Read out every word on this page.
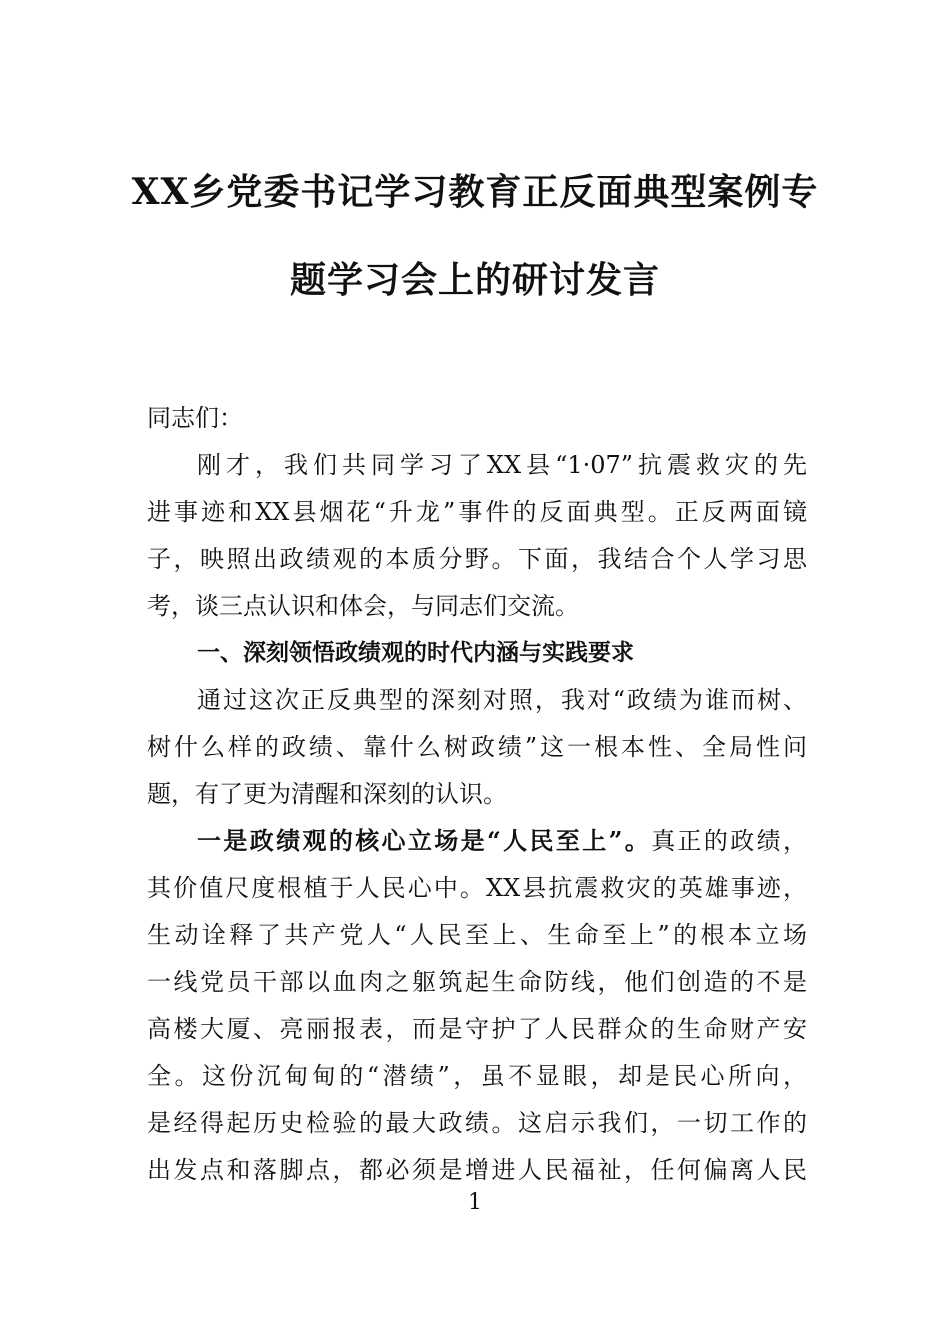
XX乡党委书记学习教育正反面典型案例专
题学习会上的研讨发言
同志们：
刚才，我们共同学习了XX县“1·07”抗震救灾的先
进事迹和XX县烟花“升龙”事件的反面典型。正反两面镜
子，映照出政绩观的本质分野。下面，我结合个人学习思
考，谈三点认识和体会，与同志们交流。
一、深刻领悟政绩观的时代内涵与实践要求
通过这次正反典型的深刻对照，我对“政绩为谁而树、
树什么样的政绩、靠什么树政绩”这一根本性、全局性问
题，有了更为清醒和深刻的认识。
一是政绩观的核心立场是“人民至上”。真正的政绩，
其价值尺度根植于人民心中。XX县抗震救灾的英雄事迹，
生动诠释了共产党人“人民至上、生命至上”的根本立场
一线党员干部以血肉之躯筑起生命防线，他们创造的不是
高楼大厦、亮丽报表，而是守护了人民群众的生命财产安
全。这份沉甸甸的“潜绩”，虽不显眼，却是民心所向，
是经得起历史检验的最大政绩。这启示我们，一切工作的
出发点和落脚点，都必须是增进人民福祉，任何偏离人民
1
